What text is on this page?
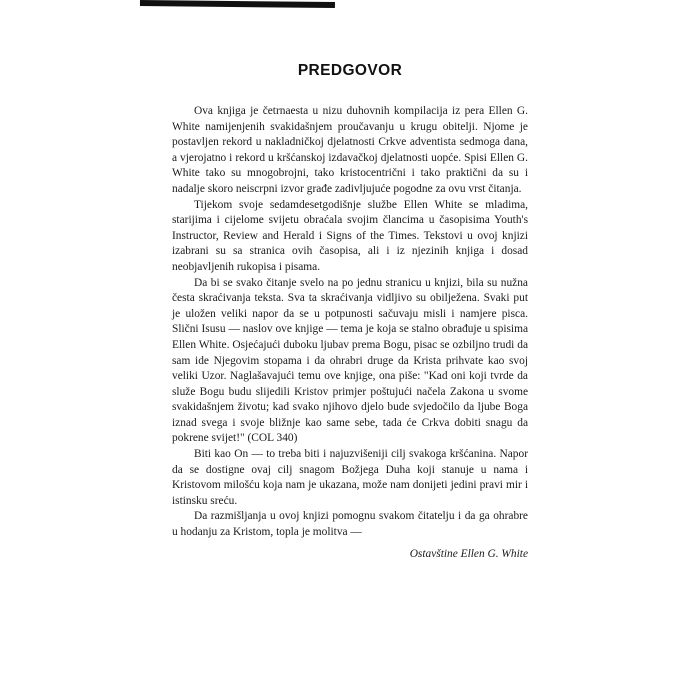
PREDGOVOR

Ova knjiga je četrnaesta u nizu duhovnih kompilacija iz pera Ellen G. White namijenjenih svakidašnjem proučavanju u krugu obitelji. Njome je postavljen rekord u nakladničkoj djelatnosti Crkve adventista sedmoga dana, a vjerojatno i rekord u kršćanskoj izdavačkoj djelatnosti uopće. Spisi Ellen G. White tako su mnogobrojni, tako kristocentrični i tako praktični da su i nadalje skoro neiscrpni izvor građe zadivljujuće pogodne za ovu vrst čitanja.

Tijekom svoje sedamdesetgodišnje službe Ellen White se mladima, starijima i cijelome svijetu obraćala svojim člancima u časopisima Youth's Instructor, Review and Herald i Signs of the Times. Tekstovi u ovoj knjizi izabrani su sa stranica ovih časopisa, ali i iz njezinih knjiga i dosad neobjavljenih rukopisa i pisama.

Da bi se svako čitanje svelo na po jednu stranicu u knjizi, bila su nužna česta skraćivanja teksta. Sva ta skraćivanja vidljivo su obilježena. Svaki put je uložen veliki napor da se u potpunosti sačuvaju misli i namjere pisca. Slični Isusu — naslov ove knjige — tema je koja se stalno obrađuje u spisima Ellen White. Osjećajući duboku ljubav prema Bogu, pisac se ozbiljno trudi da sam ide Njegovim stopama i da ohrabri druge da Krista prihvate kao svoj veliki Uzor. Naglašavajući temu ove knjige, ona piše: "Kad oni koji tvrde da služe Bogu budu slijedili Kristov primjer poštujući načela Zakona u svome svakidašnjem životu; kad svako njihovo djelo bude svjedočilo da ljube Boga iznad svega i svoje bližnje kao same sebe, tada će Crkva dobiti snagu da pokrene svijet!" (COL 340)

Biti kao On — to treba biti i najuzvišeniji cilj svakoga kršćanina. Napor da se dostigne ovaj cilj snagom Božjega Duha koji stanuje u nama i Kristovom milošću koja nam je ukazana, može nam donijeti jedini pravi mir i istinsku sreću.

Da razmišljanja u ovoj knjizi pomognu svakom čitatelju i da ga ohrabre u hodanju za Kristom, topla je molitva —

Ostavštine Ellen G. White
